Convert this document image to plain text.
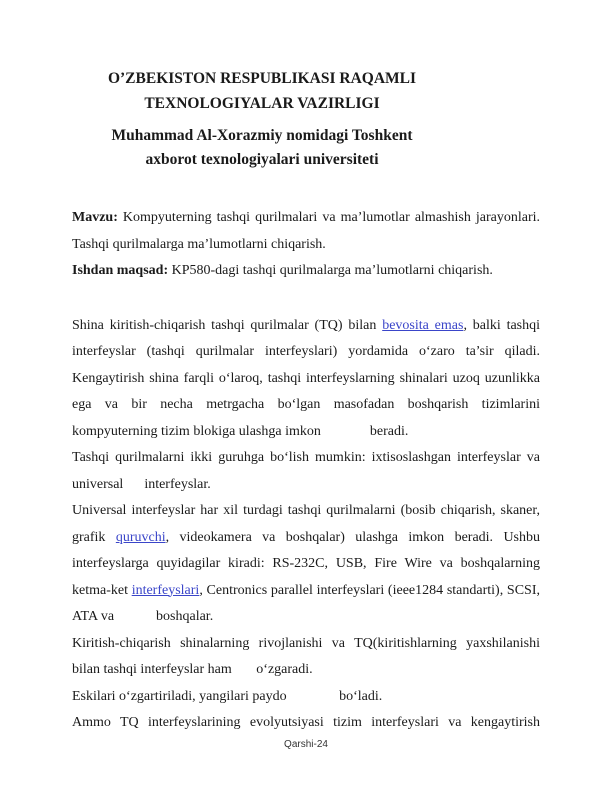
O’ZBEKISTON RESPUBLIKASI RAQAMLI
TEXNOLOGIYALAR VAZIRLIGI
Muhammad Al-Xorazmiy nomidagi Toshkent
axborot texnologiyalari universiteti

Mavzu: Kompyuterning tashqi qurilmalari va ma’lumotlar almashish jarayonlari. Tashqi qurilmalarga ma’lumotlarni chiqarish.

Ishdan maqsad: KP580-dagi tashqi qurilmalarga ma’lumotlarni chiqarish.

Shina kiritish-chiqarish tashqi qurilmalar (TQ) bilan bevosita emas, balki tashqi interfeyslar (tashqi qurilmalar interfeyslari) yordamida o‘zaro ta’sir qiladi. Kengaytirish shina farqli o‘laroq, tashqi interfeyslarning shinalari uzoq uzunlikka ega va bir necha metrgacha bo‘lgan masofadan boshqarish tizimlarini kompyuterning tizim blokiga ulashga imkon              beradi.

Tashqi qurilmalarni ikki guruhga bo‘lish mumkin: ixtisoslashgan interfeyslar va universal      interfeyslar.

Universal interfeyslar har xil turdagi tashqi qurilmalarni (bosib chiqarish, skaner, grafik quruvchi, videokamera va boshqalar) ulashga imkon beradi. Ushbu interfeyslarga quyidagilar kiradi: RS-232C, USB, Fire Wire va boshqalarning ketma-ket interfeyslari, Centronics parallel interfeyslari (ieee1284 standarti), SCSI, ATA va            boshqalar.

Kiritish-chiqarish shinalarning rivojlanishi va TQ(kiritishlarning yaxshilanishi bilan tashqi interfeyslar ham       o‘zgaradi.

Eskilari o‘zgartiriladi, yangilari paydo               bo‘ladi.

Ammo TQ interfeyslarining evolyutsiyasi tizim interfeyslari va kengaytirish

Qarshi-24
